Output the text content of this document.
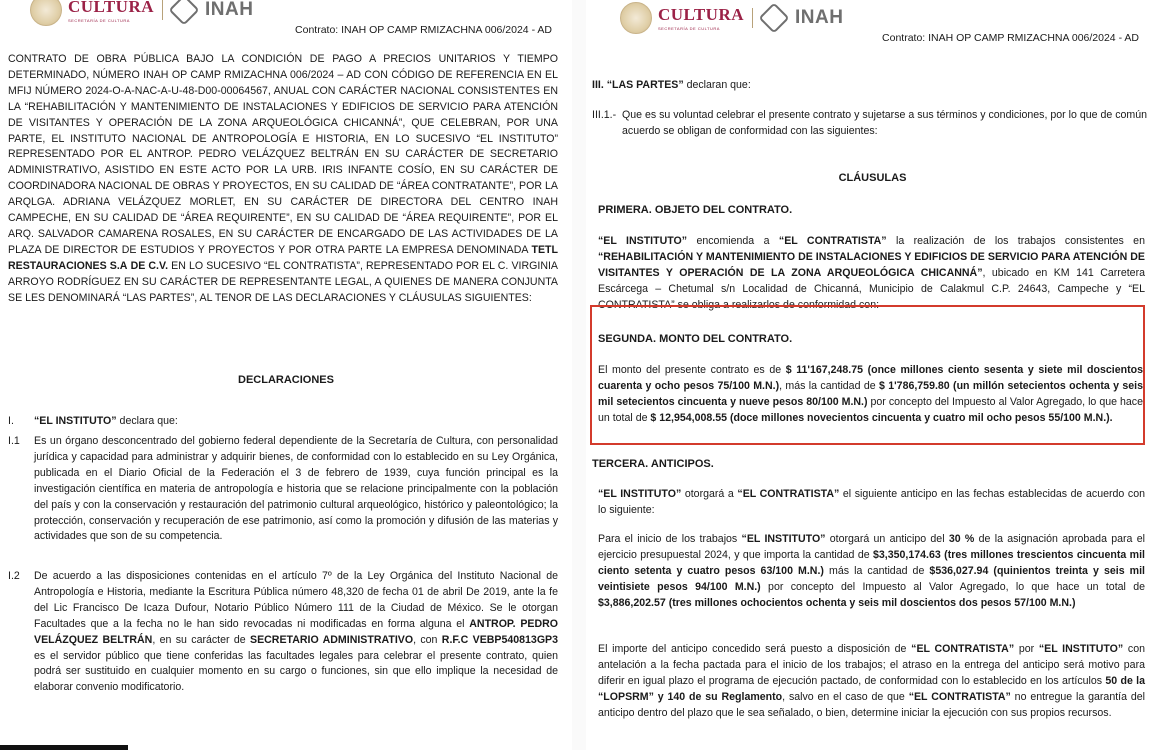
CULTURA
SECRETARÍA DE CULTURA	INAH
Contrato: INAH OP CAMP RMIZACHNA 006/2024 - AD
CONTRATO DE OBRA PÚBLICA BAJO LA CONDICIÓN DE PAGO A PRECIOS UNITARIOS Y TIEMPO DETERMINADO, NÚMERO INAH OP CAMP RMIZACHNA 006/2024 – AD CON CÓDIGO DE REFERENCIA EN EL MFIJ NÚMERO 2024-O-A-NAC-A-U-48-D00-00064567, ANUAL CON CARÁCTER NACIONAL CONSISTENTES EN LA “REHABILITACIÓN Y MANTENIMIENTO DE INSTALACIONES Y EDIFICIOS DE SERVICIO PARA ATENCIÓN DE VISITANTES Y OPERACIÓN DE LA ZONA ARQUEOLÓGICA CHICANNÁ”, QUE CELEBRAN, POR UNA PARTE, EL INSTITUTO NACIONAL DE ANTROPOLOGÍA E HISTORIA, EN LO SUCESIVO “EL INSTITUTO” REPRESENTADO POR EL ANTROP. PEDRO VELÁZQUEZ BELTRÁN EN SU CARÁCTER DE SECRETARIO ADMINISTRATIVO, ASISTIDO EN ESTE ACTO POR LA URB. IRIS INFANTE COSÍO, EN SU CARÁCTER DE COORDINADORA NACIONAL DE OBRAS Y PROYECTOS, EN SU CALIDAD DE “ÁREA CONTRATANTE”, POR LA ARQLGA. ADRIANA VELÁZQUEZ MORLET, EN SU CARÁCTER DE DIRECTORA DEL CENTRO INAH CAMPECHE, EN SU CALIDAD DE “ÁREA REQUIRENTE”, EN SU CALIDAD DE “ÁREA REQUIRENTE”, POR EL ARQ. SALVADOR CAMARENA ROSALES, EN SU CARÁCTER DE ENCARGADO DE LAS ACTIVIDADES DE LA PLAZA DE DIRECTOR DE ESTUDIOS Y PROYECTOS Y POR OTRA PARTE LA EMPRESA DENOMINADA TETL RESTAURACIONES S.A DE C.V. EN LO SUCESIVO “EL CONTRATISTA”, REPRESENTADO POR EL C. VIRGINIA ARROYO RODRÍGUEZ EN SU CARÁCTER DE REPRESENTANTE LEGAL, A QUIENES DE MANERA CONJUNTA SE LES DENOMINARÁ “LAS PARTES”, AL TENOR DE LAS DECLARACIONES Y CLÁUSULAS SIGUIENTES:
DECLARACIONES
I.	“EL INSTITUTO” declara que:
I.1	Es un órgano desconcentrado del gobierno federal dependiente de la Secretaría de Cultura, con personalidad jurídica y capacidad para administrar y adquirir bienes, de conformidad con lo establecido en su Ley Orgánica, publicada en el Diario Oficial de la Federación el 3 de febrero de 1939, cuya función principal es la investigación científica en materia de antropología e historia que se relacione principalmente con la población del país y con la conservación y restauración del patrimonio cultural arqueológico, histórico y paleontológico; la protección, conservación y recuperación de ese patrimonio, así como la promoción y difusión de las materias y actividades que son de su competencia.
I.2	De acuerdo a las disposiciones contenidas en el artículo 7º de la Ley Orgánica del Instituto Nacional de Antropología e Historia, mediante la Escritura Pública número 48,320 de fecha 01 de abril De 2019, ante la fe del Lic Francisco De Icaza Dufour, Notario Público Número 111 de la Ciudad de México. Se le otorgan Facultades que a la fecha no le han sido revocadas ni modificadas en forma alguna el ANTROP. PEDRO VELÁZQUEZ BELTRÁN, en su carácter de SECRETARIO ADMINISTRATIVO, con R.F.C VEBP540813GP3 es el servidor público que tiene conferidas las facultades legales para celebrar el presente contrato, quien podrá ser sustituido en cualquier momento en su cargo o funciones, sin que ello implique la necesidad de elaborar convenio modificatorio.
CULTURA
SECRETARÍA DE CULTURA	INAH
Contrato: INAH OP CAMP RMIZACHNA 006/2024 - AD
III. “LAS PARTES” declaran que:
III.1.- Que es su voluntad celebrar el presente contrato y sujetarse a sus términos y condiciones, por lo que de común acuerdo se obligan de conformidad con las siguientes:
CLÁUSULAS
PRIMERA. OBJETO DEL CONTRATO.
“EL INSTITUTO” encomienda a “EL CONTRATISTA” la realización de los trabajos consistentes en “REHABILITACIÓN Y MANTENIMIENTO DE INSTALACIONES Y EDIFICIOS DE SERVICIO PARA ATENCIÓN DE VISITANTES Y OPERACIÓN DE LA ZONA ARQUEOLÓGICA CHICANNÁ”, ubicado en KM 141 Carretera Escárcega – Chetumal s/n Localidad de Chicanná, Municipio de Calakmul C.P. 24643, Campeche y “EL CONTRATISTA” se obliga a realizarlos de conformidad con:
SEGUNDA. MONTO DEL CONTRATO.
El monto del presente contrato es de $ 11'167,248.75 (once millones ciento sesenta y siete mil doscientos cuarenta y ocho pesos 75/100 M.N.), más la cantidad de $ 1'786,759.80 (un millón setecientos ochenta y seis mil setecientos cincuenta y nueve pesos 80/100 M.N.) por concepto del Impuesto al Valor Agregado, lo que hace un total de $ 12,954,008.55 (doce millones novecientos cincuenta y cuatro mil ocho pesos 55/100 M.N.).
TERCERA. ANTICIPOS.
“EL INSTITUTO” otorgará a “EL CONTRATISTA” el siguiente anticipo en las fechas establecidas de acuerdo con lo siguiente:
Para el inicio de los trabajos “EL INSTITUTO” otorgará un anticipo del 30 % de la asignación aprobada para el ejercicio presupuestal 2024, y que importa la cantidad de $3,350,174.63 (tres millones trescientos cincuenta mil ciento setenta y cuatro pesos 63/100 M.N.) más la cantidad de $536,027.94 (quinientos treinta y seis mil veintisiete pesos 94/100 M.N.) por concepto del Impuesto al Valor Agregado, lo que hace un total de $3,886,202.57 (tres millones ochocientos ochenta y seis mil doscientos dos pesos 57/100 M.N.)
El importe del anticipo concedido será puesto a disposición de “EL CONTRATISTA” por “EL INSTITUTO” con antelación a la fecha pactada para el inicio de los trabajos; el atraso en la entrega del anticipo será motivo para diferir en igual plazo el programa de ejecución pactado, de conformidad con lo establecido en los artículos 50 de la “LOPSRM” y 140 de su Reglamento, salvo en el caso de que “EL CONTRATISTA” no entregue la garantía del anticipo dentro del plazo que le sea señalado, o bien, determine iniciar la ejecución con sus propios recursos.
